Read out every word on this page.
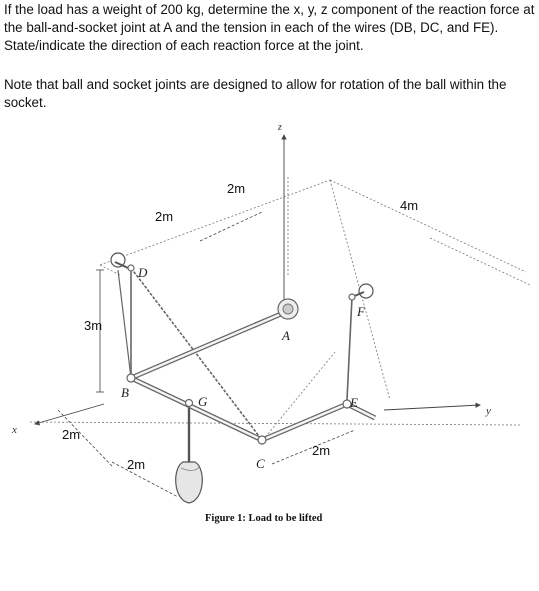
If the load has a weight of 200 kg, determine the x, y, z component of the reaction force at the ball-and-socket joint at A and the tension in each of the wires (DB, DC, and FE). State/indicate the direction of each reaction force at the joint.
Note that ball and socket joints are designed to allow for rotation of the ball within the socket.
z
y
x
A
B
C
D
E
F
G
2m
2m
4m
3m
2m
2m
2m
Figure 1: Load to be lifted
